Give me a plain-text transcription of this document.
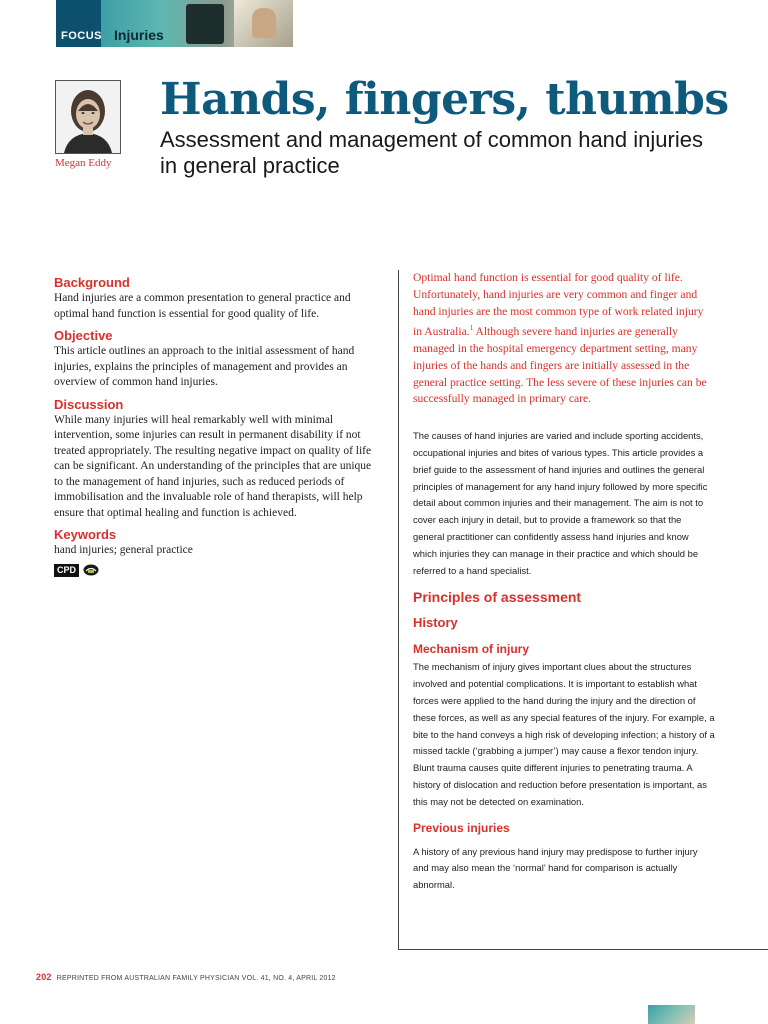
FOCUS Injuries
Megan Eddy
Hands, fingers, thumbs
Assessment and management of common hand injuries in general practice

Background

Hand injuries are a common presentation to general practice and optimal hand function is essential for good quality of life.

Objective

This article outlines an approach to the initial assessment of hand injuries, explains the principles of management and provides an overview of common hand injuries.

Discussion

While many injuries will heal remarkably well with minimal intervention, some injuries can result in permanent disability if not treated appropriately. The resulting negative impact on quality of life can be significant. An understanding of the principles that are unique to the management of hand injuries, such as reduced periods of immobilisation and the invaluable role of hand therapists, will help ensure that optimal healing and function is achieved.

Keywords

hand injuries; general practice

CPD

Optimal hand function is essential for good quality of life. Unfortunately, hand injuries are very common and finger and hand injuries are the most common type of work related injury in Australia.$^1$ Although severe hand injuries are generally managed in the hospital emergency department setting, many injuries of the hands and fingers are initially assessed in the general practice setting. The less severe of these injuries can be successfully managed in primary care.

The causes of hand injuries are varied and include sporting accidents, occupational injuries and bites of various types. This article provides a brief guide to the assessment of hand injuries and outlines the general principles of management for any hand injury followed by more specific detail about common injuries and their management. The aim is not to cover each injury in detail, but to provide a framework so that the general practitioner can confidently assess hand injuries and know which injuries they can manage in their practice and which should be referred to a hand specialist.

Principles of assessment

History

Mechanism of injury

The mechanism of injury gives important clues about the structures involved and potential complications. It is important to establish what forces were applied to the hand during the injury and the direction of these forces, as well as any special features of the injury. For example, a bite to the hand conveys a high risk of developing infection; a history of a missed tackle (‘grabbing a jumper’) may cause a flexor tendon injury. Blunt trauma causes quite different injuries to penetrating trauma. A history of dislocation and reduction before presentation is important, as this may not be detected on examination.

Previous injuries

A history of any previous hand injury may predispose to further injury and may also mean the ‘normal’ hand for comparison is actually abnormal.

202 REPRINTED FROM AUSTRALIAN FAMILY PHYSICIAN VOL. 41, NO. 4, APRIL 2012
